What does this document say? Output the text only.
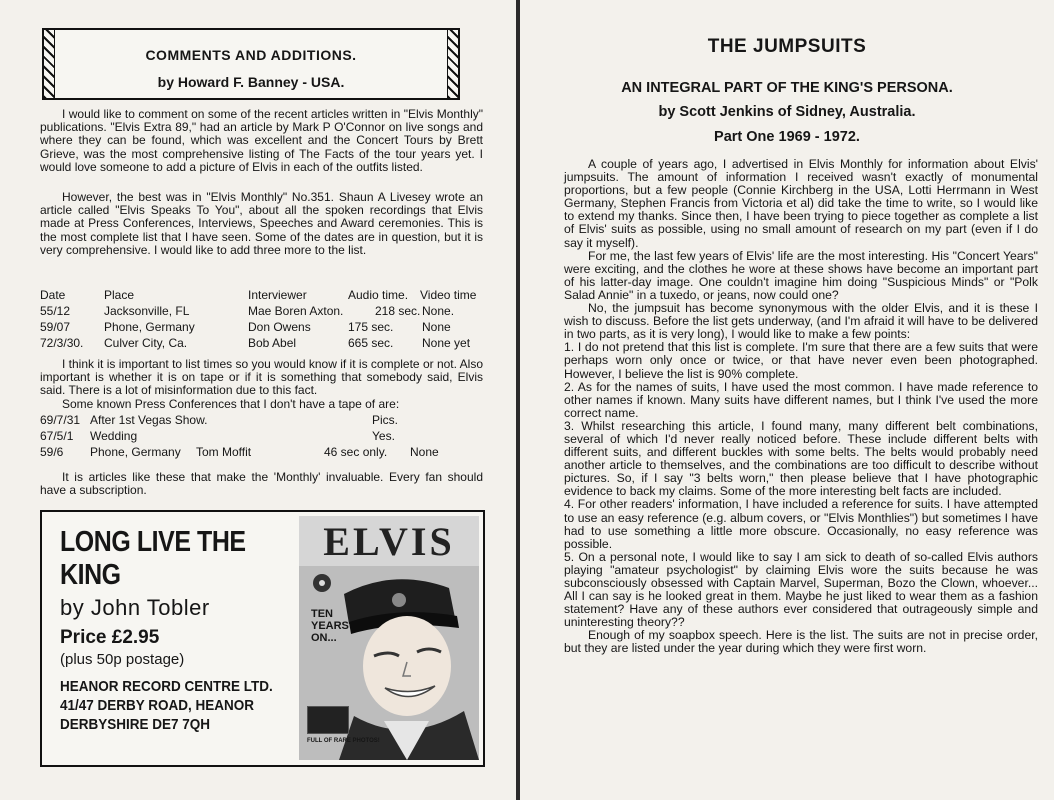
COMMENTS AND ADDITIONS.
by Howard F. Banney - USA.

I would like to comment on some of the recent articles written in "Elvis Monthly" publications. "Elvis Extra 89," had an article by Mark P O'Connor on live songs and where they can be found, which was excellent and the Concert Tours by Brett Grieve, was the most comprehensive listing of The Facts of the tour years yet. I would love someone to add a picture of Elvis in each of the outfits listed.

However, the best was in "Elvis Monthly" No.351. Shaun A Livesey wrote an article called "Elvis Speaks To You", about all the spoken recordings that Elvis made at Press Conferences, Interviews, Speeches and Award ceremonies. This is the most complete list that I have seen. Some of the dates are in question, but it is very comprehensive. I would like to add three more to the list.

Date	Place	Interviewer	Audio time. Video time
55/12	Jacksonville, FL	Mae Boren Axton.	218 sec. None.
59/07	Phone, Germany	Don Owens	175 sec. None
72/3/30. Culver City, Ca.	Bob Abel	665 sec. None yet

I think it is important to list times so you would know if it is complete or not. Also important is whether it is on tape or if it is something that somebody said, Elvis said. There is a lot of misinformation due to this fact.

Some known Press Conferences that I don't have a tape of are:

69/7/31 After 1st Vegas Show.	Pics.
67/5/1 Wedding	Yes.
59/6 Phone, Germany Tom Moffit	46 sec only. None

It is articles like these that make the 'Monthly' invaluable. Every fan should have a subscription.

LONG LIVE THE
KING
by John Tobler
Price £2.95
(plus 50p postage)
HEANOR RECORD CENTRE LTD.
41/47 DERBY ROAD, HEANOR
DERBYSHIRE DE7 7QH
ELVIS
TEN YEARS ON...
FULL OF RARE PHOTOS!
THE JUMPSUITS
AN INTEGRAL PART OF THE KING'S PERSONA.
by Scott Jenkins of Sidney, Australia.
Part One 1969 - 1972.

A couple of years ago, I advertised in Elvis Monthly for information about Elvis' jumpsuits. The amount of information I received wasn't exactly of monumental proportions, but a few people (Connie Kirchberg in the USA, Lotti Herrmann in West Germany, Stephen Francis from Victoria et al) did take the time to write, so I would like to extend my thanks. Since then, I have been trying to piece together as complete a list of Elvis' suits as possible, using no small amount of research on my part (even if I do say it myself).

For me, the last few years of Elvis' life are the most interesting. His "Concert Years" were exciting, and the clothes he wore at these shows have become an important part of his latter-day image. One couldn't imagine him doing "Suspicious Minds" or "Polk Salad Annie" in a tuxedo, or jeans, now could one?

No, the jumpsuit has become synonymous with the older Elvis, and it is these I wish to discuss. Before the list gets underway, (and I'm afraid it will have to be delivered in two parts, as it is very long), I would like to make a few points:

1. I do not pretend that this list is complete. I'm sure that there are a few suits that were perhaps worn only once or twice, or that have never even been photographed. However, I believe the list is 90% complete.

2. As for the names of suits, I have used the most common. I have made reference to other names if known. Many suits have different names, but I think I've used the more correct name.

3. Whilst researching this article, I found many, many different belt combinations, several of which I'd never really noticed before. These include different belts with different suits, and different buckles with some belts. The belts would probably need another article to themselves, and the combinations are too difficult to describe without pictures. So, if I say "3 belts worn," then please believe that I have photographic evidence to back my claims. Some of the more interesting belt facts are included.

4. For other readers' information, I have included a reference for suits. I have attempted to use an easy reference (e.g. album covers, or "Elvis Monthlies") but sometimes I have had to use something a little more obscure. Occasionally, no easy reference was possible.

5. On a personal note, I would like to say I am sick to death of so-called Elvis authors playing "amateur psychologist" by claiming Elvis wore the suits because he was subconsciously obsessed with Captain Marvel, Superman, Bozo the Clown, whoever... All I can say is he looked great in them. Maybe he just liked to wear them as a fashion statement? Have any of these authors ever considered that outrageously simple and uninteresting theory??

Enough of my soapbox speech. Here is the list. The suits are not in precise order, but they are listed under the year during which they were first worn.
